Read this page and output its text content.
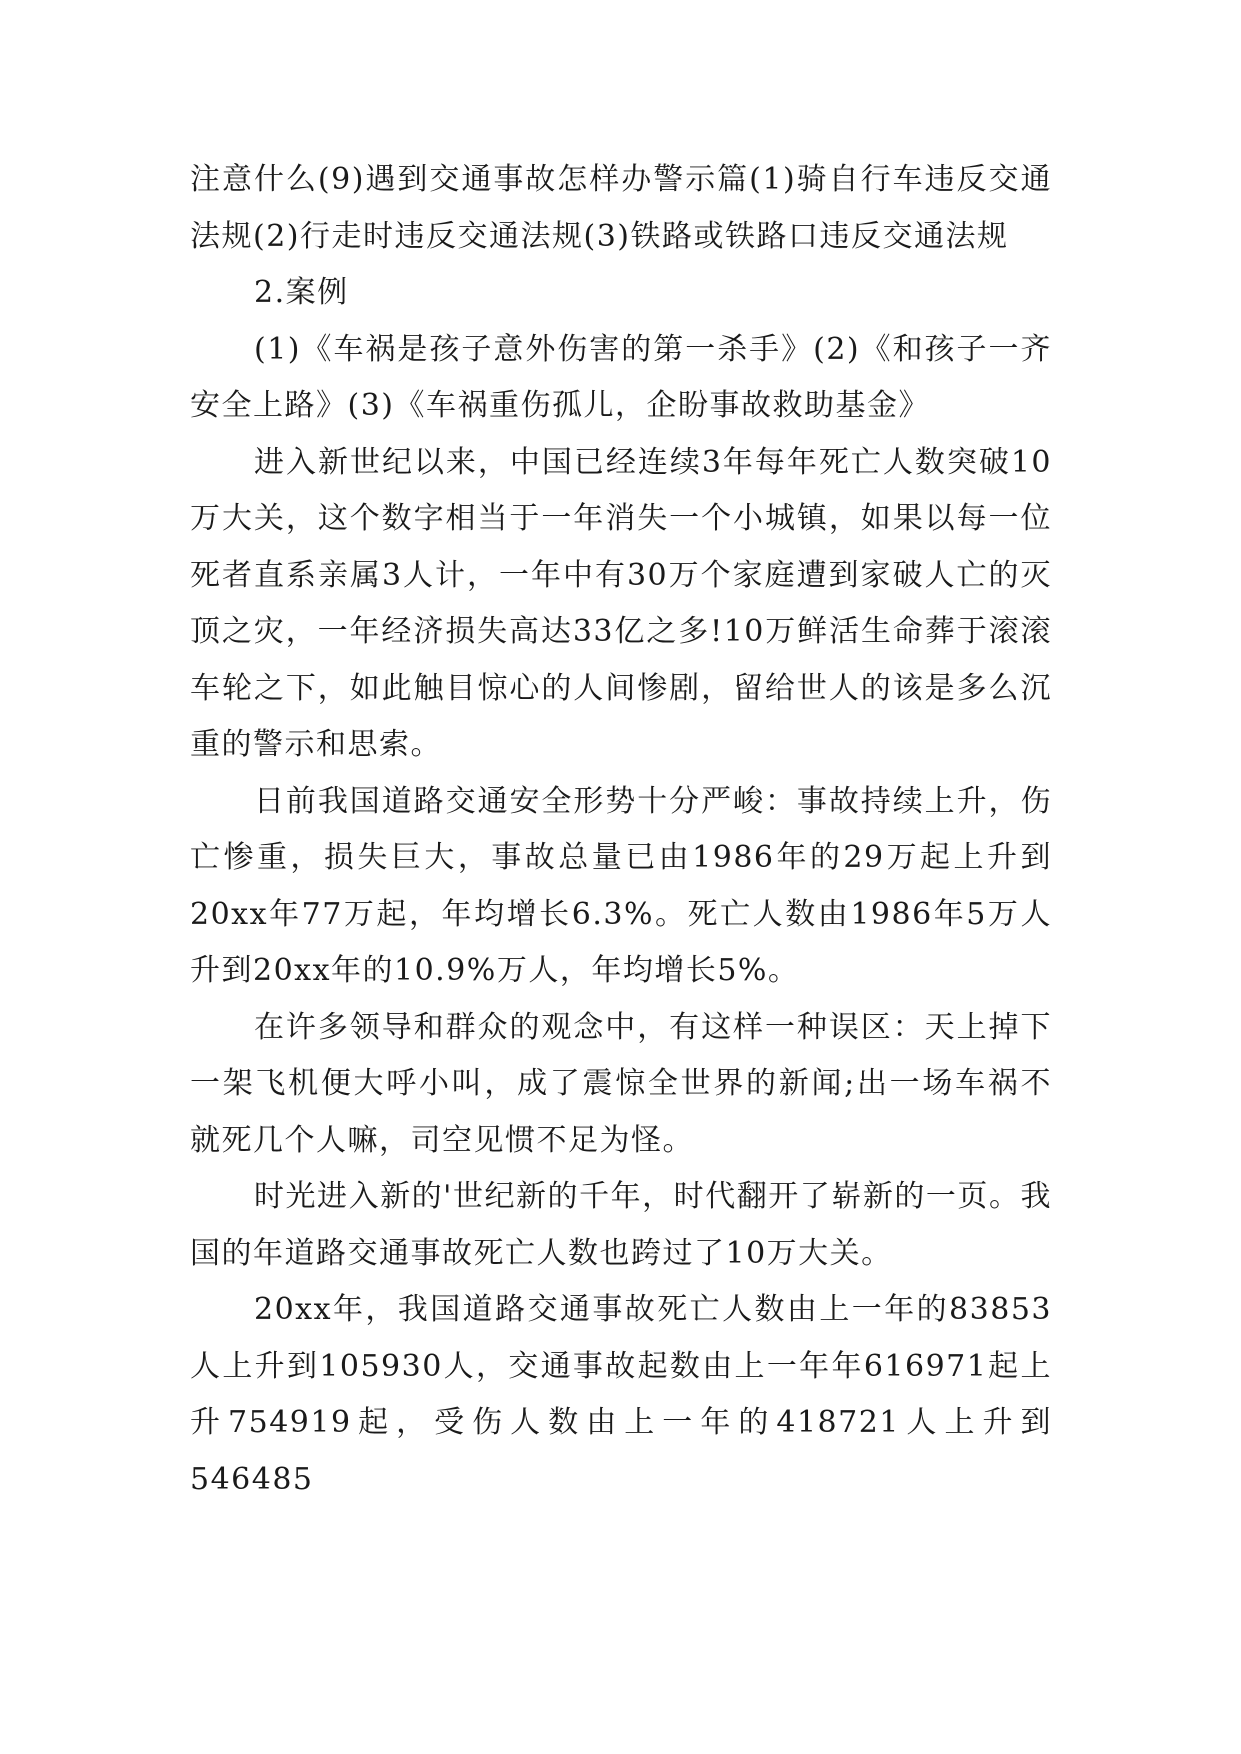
注意什么(9)遇到交通事故怎样办警示篇(1)骑自行车违反交通法规(2)行走时违反交通法规(3)铁路或铁路口违反交通法规

2.案例

(1)《车祸是孩子意外伤害的第一杀手》(2)《和孩子一齐安全上路》(3)《车祸重伤孤儿，企盼事故救助基金》

进入新世纪以来，中国已经连续3年每年死亡人数突破10万大关，这个数字相当于一年消失一个小城镇，如果以每一位死者直系亲属3人计，一年中有30万个家庭遭到家破人亡的灭顶之灾，一年经济损失高达33亿之多!10万鲜活生命葬于滚滚车轮之下，如此触目惊心的人间惨剧，留给世人的该是多么沉重的警示和思索。

日前我国道路交通安全形势十分严峻：事故持续上升，伤亡惨重，损失巨大，事故总量已由1986年的29万起上升到20xx年77万起，年均增长6.3%。死亡人数由1986年5万人升到20xx年的10.9%万人，年均增长5%。

在许多领导和群众的观念中，有这样一种误区：天上掉下一架飞机便大呼小叫，成了震惊全世界的新闻;出一场车祸不就死几个人嘛，司空见惯不足为怪。

时光进入新的'世纪新的千年，时代翻开了崭新的一页。我国的年道路交通事故死亡人数也跨过了10万大关。

20xx年，我国道路交通事故死亡人数由上一年的83853人上升到105930人，交通事故起数由上一年年616971起上升754919起，受伤人数由上一年的418721人上升到546485
